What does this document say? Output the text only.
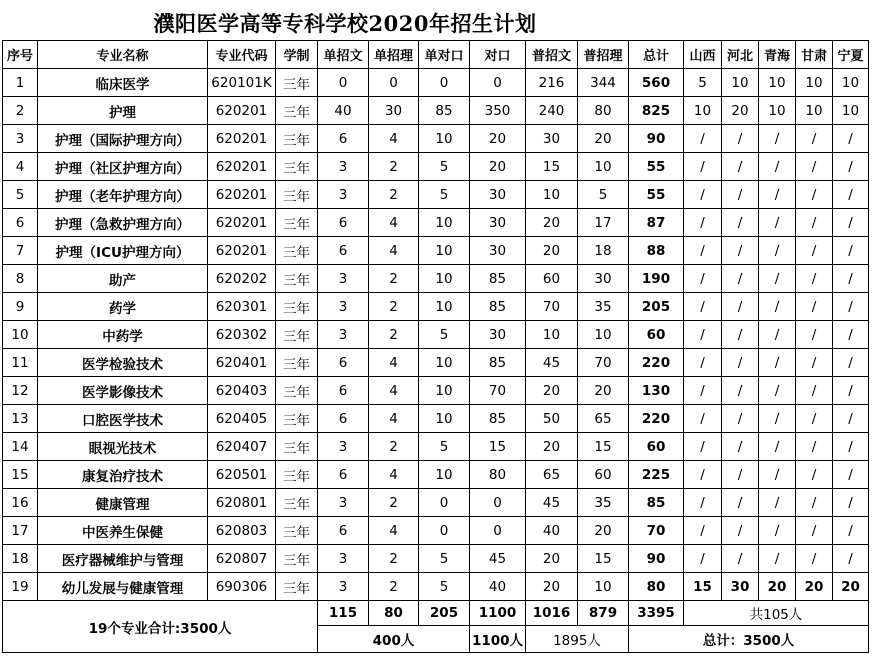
濮阳医学高等专科学校2020年招生计划
序号	专业名称	专业代码	学制	单招文	单招理	单对口	对口	普招文	普招理	总计	山西	河北	青海	甘肃	宁夏
1	临床医学	620101K	三年	0	0	0	0	216	344	560	5	10	10	10	10
2	护理	620201	三年	40	30	85	350	240	80	825	10	20	10	10	10
3	护理（国际护理方向）	620201	三年	6	4	10	20	30	20	90	/	/	/	/	/
4	护理（社区护理方向）	620201	三年	3	2	5	20	15	10	55	/	/	/	/	/
5	护理（老年护理方向）	620201	三年	3	2	5	30	10	5	55	/	/	/	/	/
6	护理（急救护理方向）	620201	三年	6	4	10	30	20	17	87	/	/	/	/	/
7	护理（ICU护理方向）	620201	三年	6	4	10	30	20	18	88	/	/	/	/	/
8	助产	620202	三年	3	2	10	85	60	30	190	/	/	/	/	/
9	药学	620301	三年	3	2	10	85	70	35	205	/	/	/	/	/
10	中药学	620302	三年	3	2	5	30	10	10	60	/	/	/	/	/
11	医学检验技术	620401	三年	6	4	10	85	45	70	220	/	/	/	/	/
12	医学影像技术	620403	三年	6	4	10	70	20	20	130	/	/	/	/	/
13	口腔医学技术	620405	三年	6	4	10	85	50	65	220	/	/	/	/	/
14	眼视光技术	620407	三年	3	2	5	15	20	15	60	/	/	/	/	/
15	康复治疗技术	620501	三年	6	4	10	80	65	60	225	/	/	/	/	/
16	健康管理	620801	三年	3	2	0	0	45	35	85	/	/	/	/	/
17	中医养生保健	620803	三年	6	4	0	0	40	20	70	/	/	/	/	/
18	医疗器械维护与管理	620807	三年	3	2	5	45	20	15	90	/	/	/	/	/
19	幼儿发展与健康管理	690306	三年	3	2	5	40	20	10	80	15	30	20	20	20
19个专业合计:3500人				115	80	205	1100	1016	879	3395	共105人				
				400人			1100人	1895人		总计：3500人					
